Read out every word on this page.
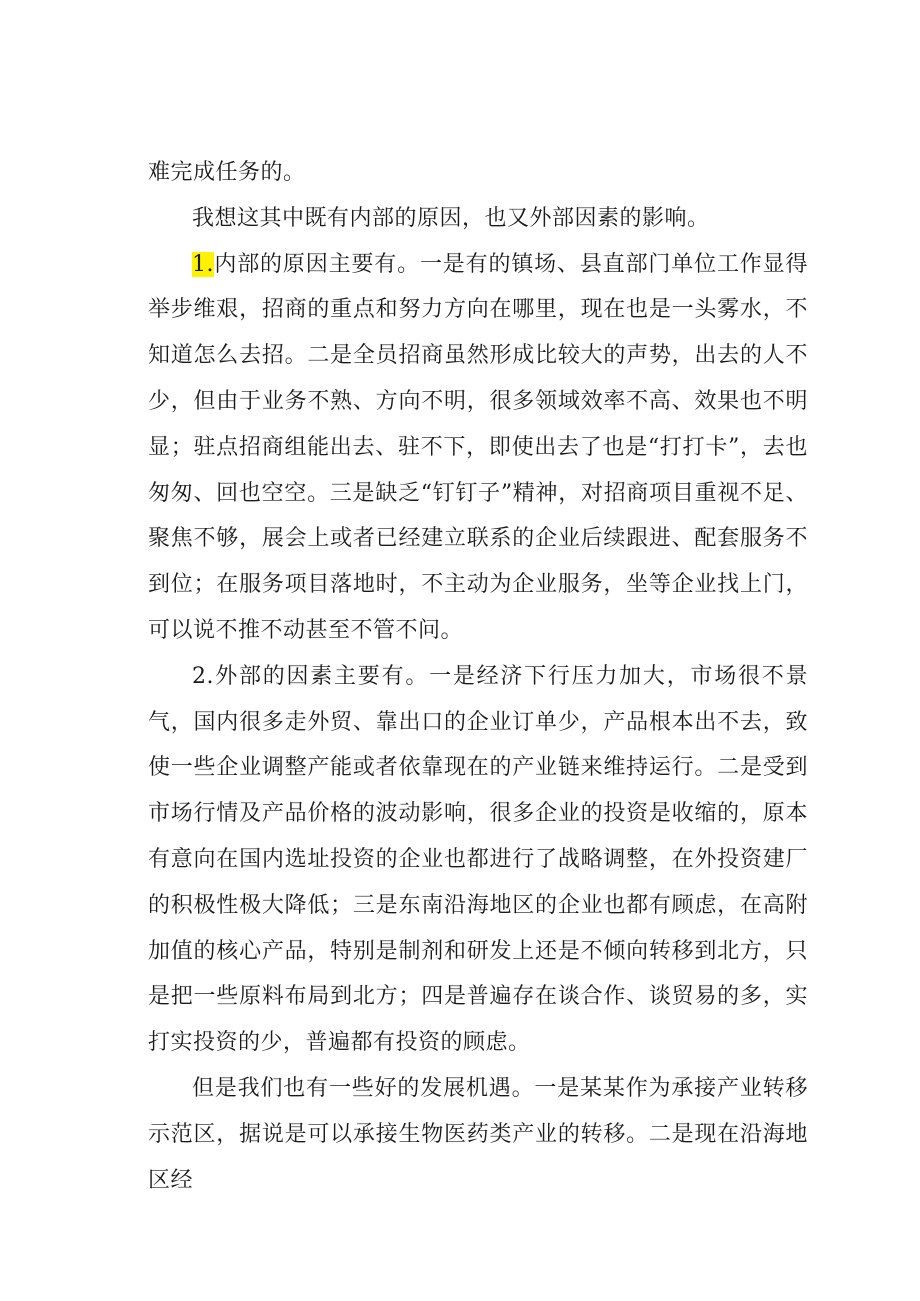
难完成任务的。

我想这其中既有内部的原因，也又外部因素的影响。

1.内部的原因主要有。一是有的镇场、县直部门单位工作显得举步维艰，招商的重点和努力方向在哪里，现在也是一头雾水，不知道怎么去招。二是全员招商虽然形成比较大的声势，出去的人不少，但由于业务不熟、方向不明，很多领域效率不高、效果也不明显；驻点招商组能出去、驻不下，即使出去了也是“打打卡”，去也匆匆、回也空空。三是缺乏“钉钉子”精神，对招商项目重视不足、聚焦不够，展会上或者已经建立联系的企业后续跟进、配套服务不到位；在服务项目落地时，不主动为企业服务，坐等企业找上门，可以说不推不动甚至不管不问。

2.外部的因素主要有。一是经济下行压力加大，市场很不景气，国内很多走外贸、靠出口的企业订单少，产品根本出不去，致使一些企业调整产能或者依靠现在的产业链来维持运行。二是受到市场行情及产品价格的波动影响，很多企业的投资是收缩的，原本有意向在国内选址投资的企业也都进行了战略调整，在外投资建厂的积极性极大降低；三是东南沿海地区的企业也都有顾虑，在高附加值的核心产品，特别是制剂和研发上还是不倾向转移到北方，只是把一些原料布局到北方；四是普遍存在谈合作、谈贸易的多，实打实投资的少，普遍都有投资的顾虑。

但是我们也有一些好的发展机遇。一是某某作为承接产业转移示范区，据说是可以承接生物医药类产业的转移。二是现在沿海地区经
